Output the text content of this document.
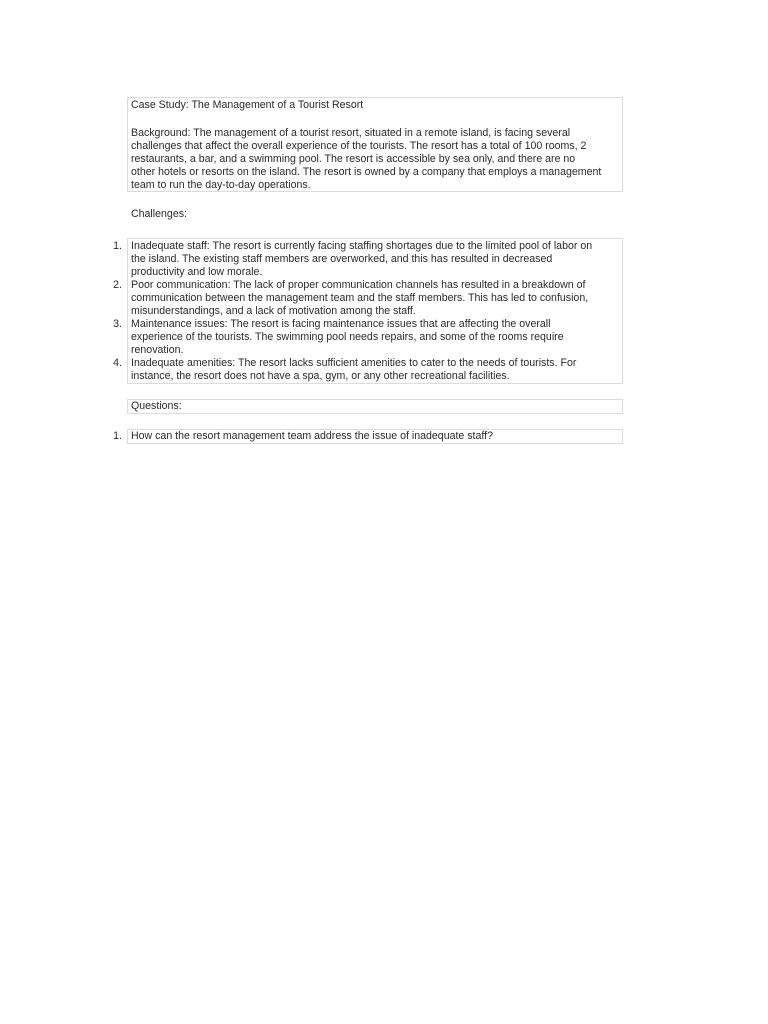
Case Study: The Management of a Tourist Resort
Background: The management of a tourist resort, situated in a remote island, is facing several
challenges that affect the overall experience of the tourists. The resort has a total of 100 rooms, 2
restaurants, a bar, and a swimming pool. The resort is accessible by sea only, and there are no
other hotels or resorts on the island. The resort is owned by a company that employs a management
team to run the day-to-day operations.
Challenges:
1. Inadequate staff: The resort is currently facing staffing shortages due to the limited pool of labor on
the island. The existing staff members are overworked, and this has resulted in decreased
productivity and low morale.
2. Poor communication: The lack of proper communication channels has resulted in a breakdown of
communication between the management team and the staff members. This has led to confusion,
misunderstandings, and a lack of motivation among the staff.
3. Maintenance issues: The resort is facing maintenance issues that are affecting the overall
experience of the tourists. The swimming pool needs repairs, and some of the rooms require
renovation.
4. Inadequate amenities: The resort lacks sufficient amenities to cater to the needs of tourists. For
instance, the resort does not have a spa, gym, or any other recreational facilities.
Questions:
1. How can the resort management team address the issue of inadequate staff?
